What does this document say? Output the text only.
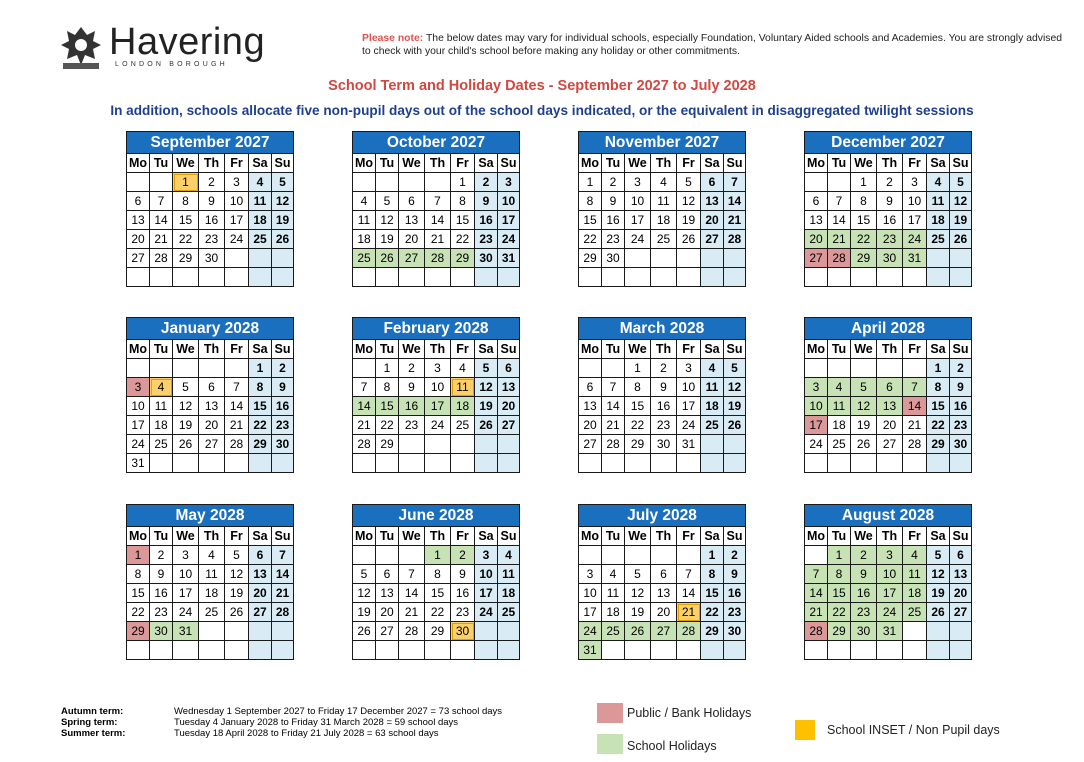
Havering
LONDON BOROUGH
Please note: The below dates may vary for individual schools, especially Foundation, Voluntary Aided schools and Academies. You are strongly advised to check with your child's school before making any holiday or other commitments.
School Term and Holiday Dates - September 2027 to July 2028
In addition, schools allocate five non-pupil days out of the school days indicated, or the equivalent in disaggregated twilight sessions
September 2027						
Mo	Tu	We	Th	Fr	Sa	Su
		1	2	3	4	5
6	7	8	9	10	11	12
13	14	15	16	17	18	19
20	21	22	23	24	25	26
27	28	29	30			

October 2027						
Mo	Tu	We	Th	Fr	Sa	Su
				1	2	3
4	5	6	7	8	9	10
11	12	13	14	15	16	17
18	19	20	21	22	23	24
25	26	27	28	29	30	31

November 2027						
Mo	Tu	We	Th	Fr	Sa	Su
1	2	3	4	5	6	7
8	9	10	11	12	13	14
15	16	17	18	19	20	21
22	23	24	25	26	27	28
29	30					

December 2027						
Mo	Tu	We	Th	Fr	Sa	Su
		1	2	3	4	5
6	7	8	9	10	11	12
13	14	15	16	17	18	19
20	21	22	23	24	25	26
27	28	29	30	31		

January 2028						
Mo	Tu	We	Th	Fr	Sa	Su
					1	2
3	4	5	6	7	8	9
10	11	12	13	14	15	16
17	18	19	20	21	22	23
24	25	26	27	28	29	30
31						
February 2028						
Mo	Tu	We	Th	Fr	Sa	Su
	1	2	3	4	5	6
7	8	9	10	11	12	13
14	15	16	17	18	19	20
21	22	23	24	25	26	27
28	29					

March 2028						
Mo	Tu	We	Th	Fr	Sa	Su
		1	2	3	4	5
6	7	8	9	10	11	12
13	14	15	16	17	18	19
20	21	22	23	24	25	26
27	28	29	30	31		

April 2028						
Mo	Tu	We	Th	Fr	Sa	Su
					1	2
3	4	5	6	7	8	9
10	11	12	13	14	15	16
17	18	19	20	21	22	23
24	25	26	27	28	29	30

May 2028						
Mo	Tu	We	Th	Fr	Sa	Su
1	2	3	4	5	6	7
8	9	10	11	12	13	14
15	16	17	18	19	20	21
22	23	24	25	26	27	28
29	30	31				

June 2028						
Mo	Tu	We	Th	Fr	Sa	Su
			1	2	3	4
5	6	7	8	9	10	11
12	13	14	15	16	17	18
19	20	21	22	23	24	25
26	27	28	29	30		

July 2028						
Mo	Tu	We	Th	Fr	Sa	Su
					1	2
3	4	5	6	7	8	9
10	11	12	13	14	15	16
17	18	19	20	21	22	23
24	25	26	27	28	29	30
31						
August 2028						
Mo	Tu	We	Th	Fr	Sa	Su
	1	2	3	4	5	6
7	8	9	10	11	12	13
14	15	16	17	18	19	20
21	22	23	24	25	26	27
28	29	30	31			

Autumn term:	Wednesday 1 September 2027 to Friday 17 December 2027 = 73 school days
Spring term:	Tuesday 4 January 2028 to Friday 31 March 2028 = 59 school days
Summer term:	Tuesday 18 April 2028 to Friday 21 July 2028 = 63 school days
Public / Bank Holidays
School Holidays
School INSET / Non Pupil days
